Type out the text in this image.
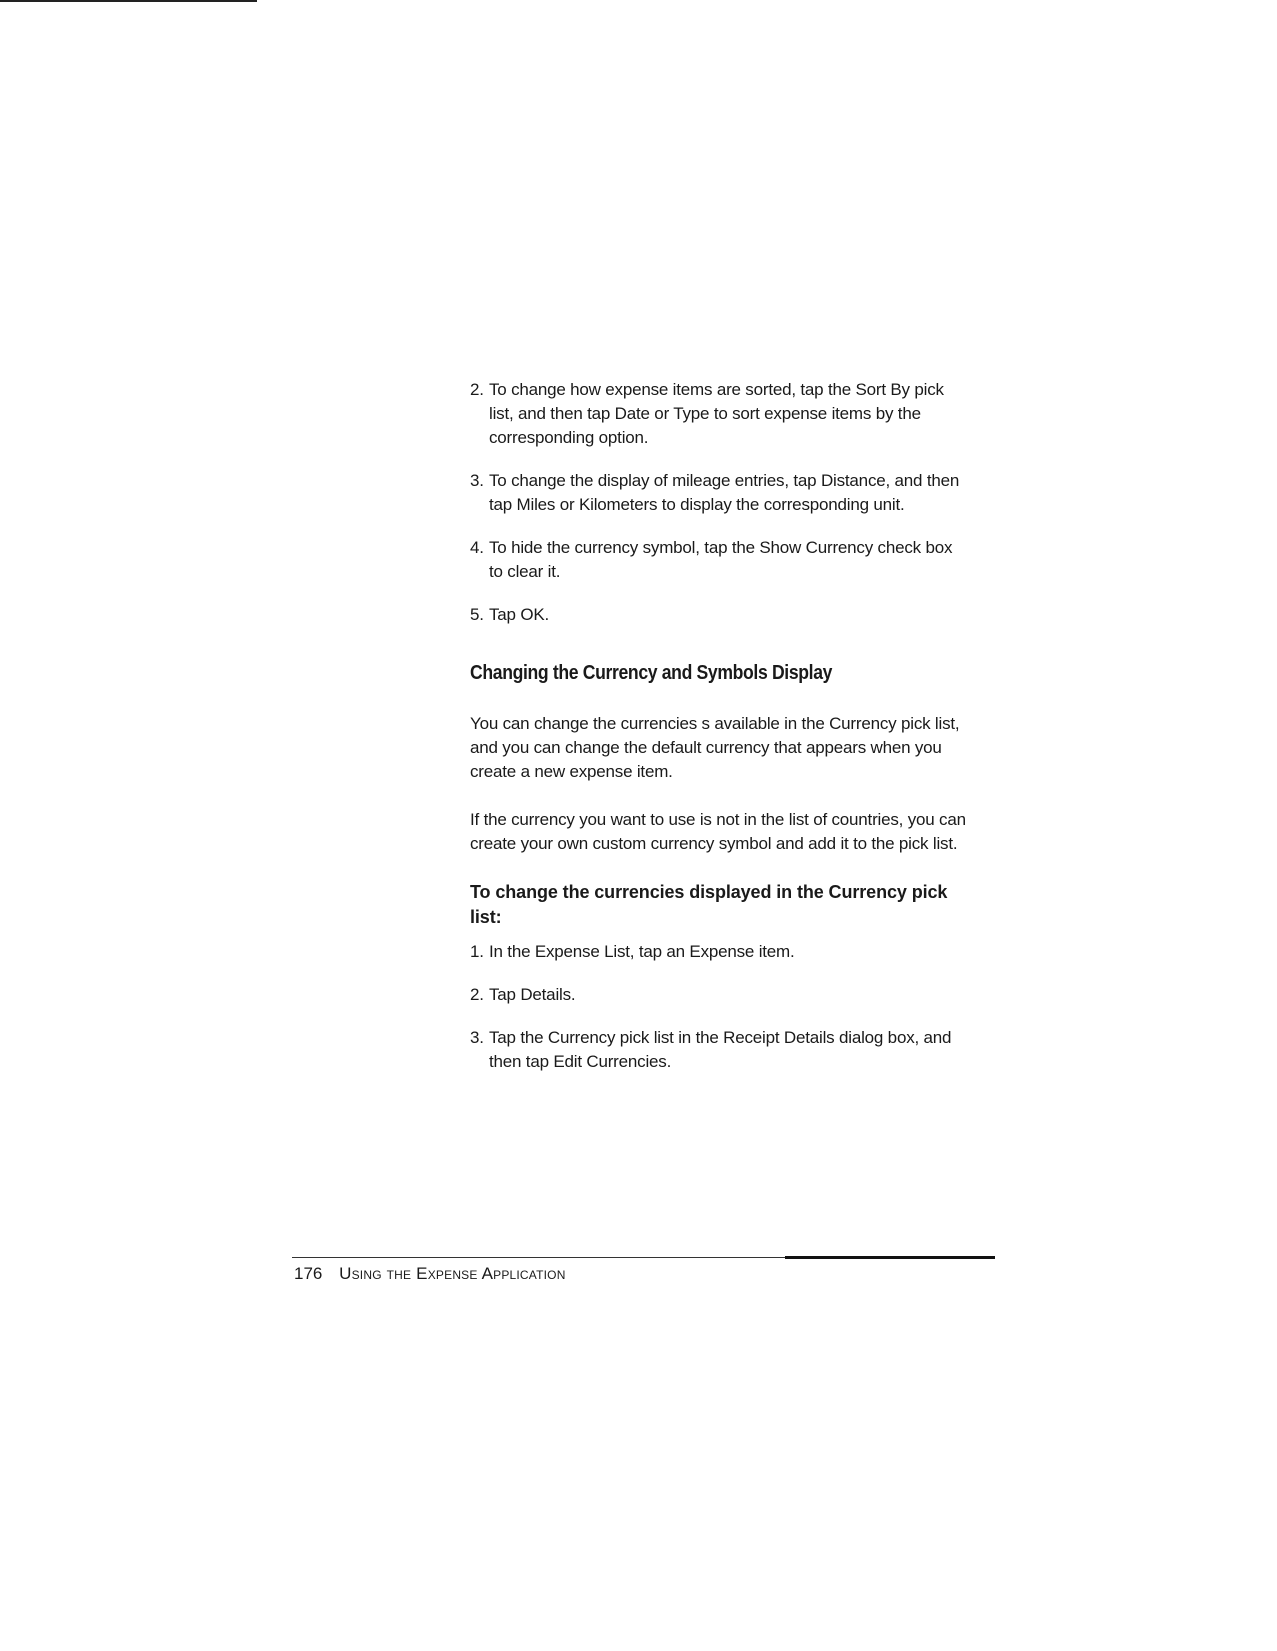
2. To change how expense items are sorted, tap the Sort By pick list, and then tap Date or Type to sort expense items by the corresponding option.
3. To change the display of mileage entries, tap Distance, and then tap Miles or Kilometers to display the corresponding unit.
4. To hide the currency symbol, tap the Show Currency check box to clear it.
5. Tap OK.
Changing the Currency and Symbols Display
You can change the currencies s available in the Currency pick list, and you can change the default currency that appears when you create a new expense item.
If the currency you want to use is not in the list of countries, you can create your own custom currency symbol and add it to the pick list.
To change the currencies displayed in the Currency pick list:
1. In the Expense List, tap an Expense item.
2. Tap Details.
3. Tap the Currency pick list in the Receipt Details dialog box, and then tap Edit Currencies.
176 Using the Expense Application
